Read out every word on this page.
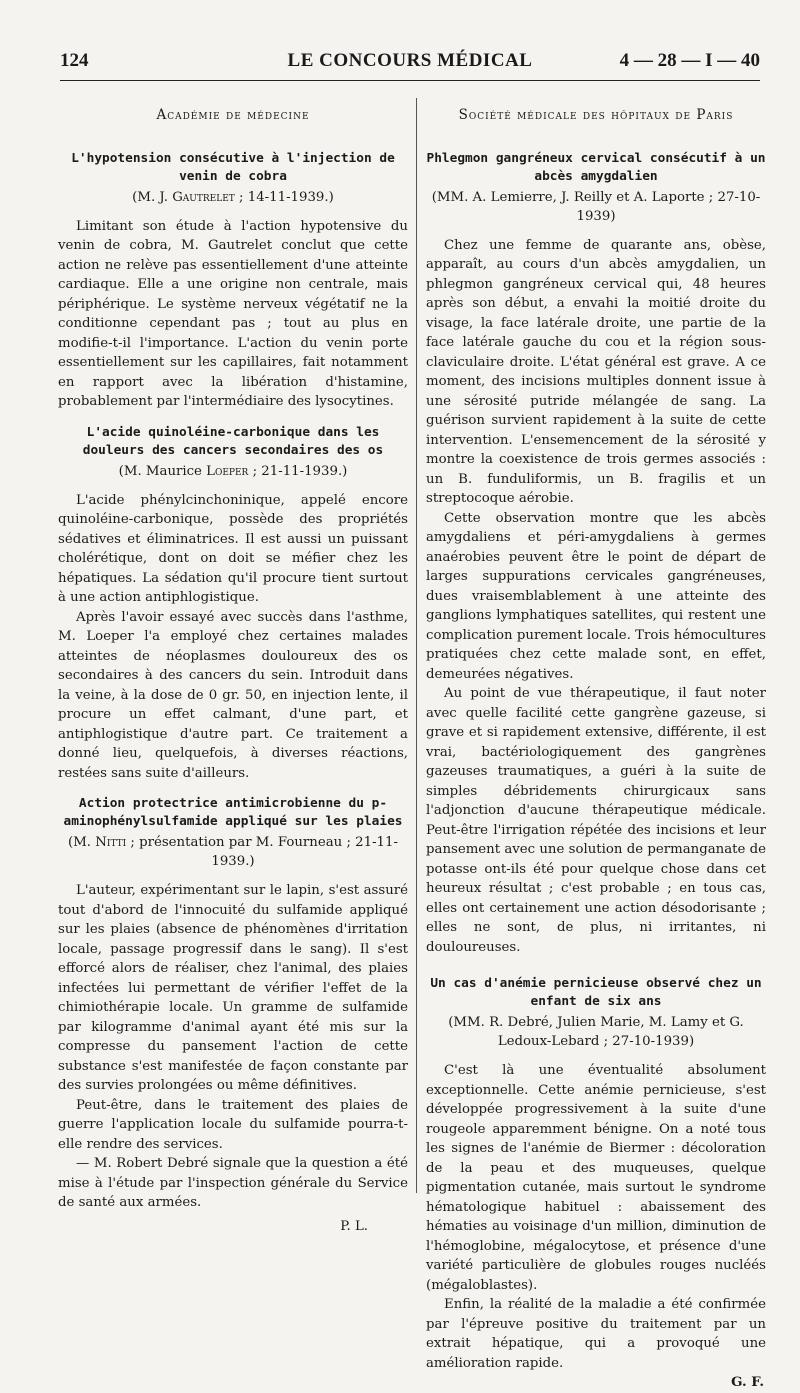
124	LE CONCOURS MÉDICAL	4 — 28 — I — 40
Académie de médecine
L'hypotension consécutive à l'injection de venin de cobra
(M. J. Gautrelet ; 14-11-1939.)

Limitant son étude à l'action hypotensive du venin de cobra, M. Gautrelet conclut que cette action ne relève pas essentiellement d'une atteinte cardiaque. Elle a une origine non centrale, mais périphérique. Le système nerveux végétatif ne la conditionne cependant pas ; tout au plus en modifie-t-il l'importance. L'action du venin porte essentiellement sur les capillaires, fait notamment en rapport avec la libération d'histamine, probablement par l'intermédiaire des lysocytines.

L'acide quinoléine-carbonique dans les douleurs des cancers secondaires des os
(M. Maurice Loeper ; 21-11-1939.)

L'acide phénylcinchoninique, appelé encore quinoléine-carbonique, possède des propriétés sédatives et éliminatrices. Il est aussi un puissant cholérétique, dont on doit se méfier chez les hépatiques. La sédation qu'il procure tient surtout à une action antiphlogistique.

Après l'avoir essayé avec succès dans l'asthme, M. Loeper l'a employé chez certaines malades atteintes de néoplasmes douloureux des os secondaires à des cancers du sein. Introduit dans la veine, à la dose de 0 gr. 50, en injection lente, il procure un effet calmant, d'une part, et antiphlogistique d'autre part. Ce traitement a donné lieu, quelquefois, à diverses réactions, restées sans suite d'ailleurs.

Action protectrice antimicrobienne du p-aminophénylsulfamide appliqué sur les plaies
(M. Nitti ; présentation par M. Fourneau ; 21-11-1939.)

L'auteur, expérimentant sur le lapin, s'est assuré tout d'abord de l'innocuité du sulfamide appliqué sur les plaies (absence de phénomènes d'irritation locale, passage progressif dans le sang). Il s'est efforcé alors de réaliser, chez l'animal, des plaies infectées lui permettant de vérifier l'effet de la chimiothérapie locale. Un gramme de sulfamide par kilogramme d'animal ayant été mis sur la compresse du pansement l'action de cette substance s'est manifestée de façon constante par des survies prolongées ou même définitives.

Peut-être, dans le traitement des plaies de guerre l'application locale du sulfamide pourra-t-elle rendre des services.

— M. Robert Debré signale que la question a été mise à l'étude par l'inspection générale du Service de santé aux armées.

P. L.
Société médicale des hôpitaux de Paris
Phlegmon gangréneux cervical consécutif à un abcès amygdalien
(MM. A. Lemierre, J. Reilly et A. Laporte ; 27-10-1939)

Chez une femme de quarante ans, obèse, apparaît, au cours d'un abcès amygdalien, un phlegmon gangréneux cervical qui, 48 heures après son début, a envahi la moitié droite du visage, la face latérale droite, une partie de la face latérale gauche du cou et la région sous-claviculaire droite. L'état général est grave. A ce moment, des incisions multiples donnent issue à une sérosité putride mélangée de sang. La guérison survient rapidement à la suite de cette intervention. L'ensemencement de la sérosité y montre la coexistence de trois germes associés : un B. funduliformis, un B. fragilis et un streptocoque aérobie.

Cette observation montre que les abcès amygdaliens et péri-amygdaliens à germes anaérobies peuvent être le point de départ de larges suppurations cervicales gangréneuses, dues vraisemblablement à une atteinte des ganglions lymphatiques satellites, qui restent une complication purement locale. Trois hémocultures pratiquées chez cette malade sont, en effet, demeurées négatives.

Au point de vue thérapeutique, il faut noter avec quelle facilité cette gangrène gazeuse, si grave et si rapidement extensive, différente, il est vrai, bactériologiquement des gangrènes gazeuses traumatiques, a guéri à la suite de simples débridements chirurgicaux sans l'adjonction d'aucune thérapeutique médicale. Peut-être l'irrigation répétée des incisions et leur pansement avec une solution de permanganate de potasse ont-ils été pour quelque chose dans cet heureux résultat ; c'est probable ; en tous cas, elles ont certainement une action désodorisante ; elles ne sont, de plus, ni irritantes, ni douloureuses.

Un cas d'anémie pernicieuse observé chez un enfant de six ans
(MM. R. Debré, Julien Marie, M. Lamy et G. Ledoux-Lebard ; 27-10-1939)

C'est là une éventualité absolument exceptionnelle. Cette anémie pernicieuse, s'est développée progressivement à la suite d'une rougeole apparemment bénigne. On a noté tous les signes de l'anémie de Biermer : décoloration de la peau et des muqueuses, quelque pigmentation cutanée, mais surtout le syndrome hématologique habituel : abaissement des hématies au voisinage d'un million, diminution de l'hémoglobine, mégalocytose, et présence d'une variété particulière de globules rouges nucléés (mégaloblastes).

Enfin, la réalité de la maladie a été confirmée par l'épreuve positive du traitement par un extrait hépatique, qui a provoqué une amélioration rapide.

G. F.
